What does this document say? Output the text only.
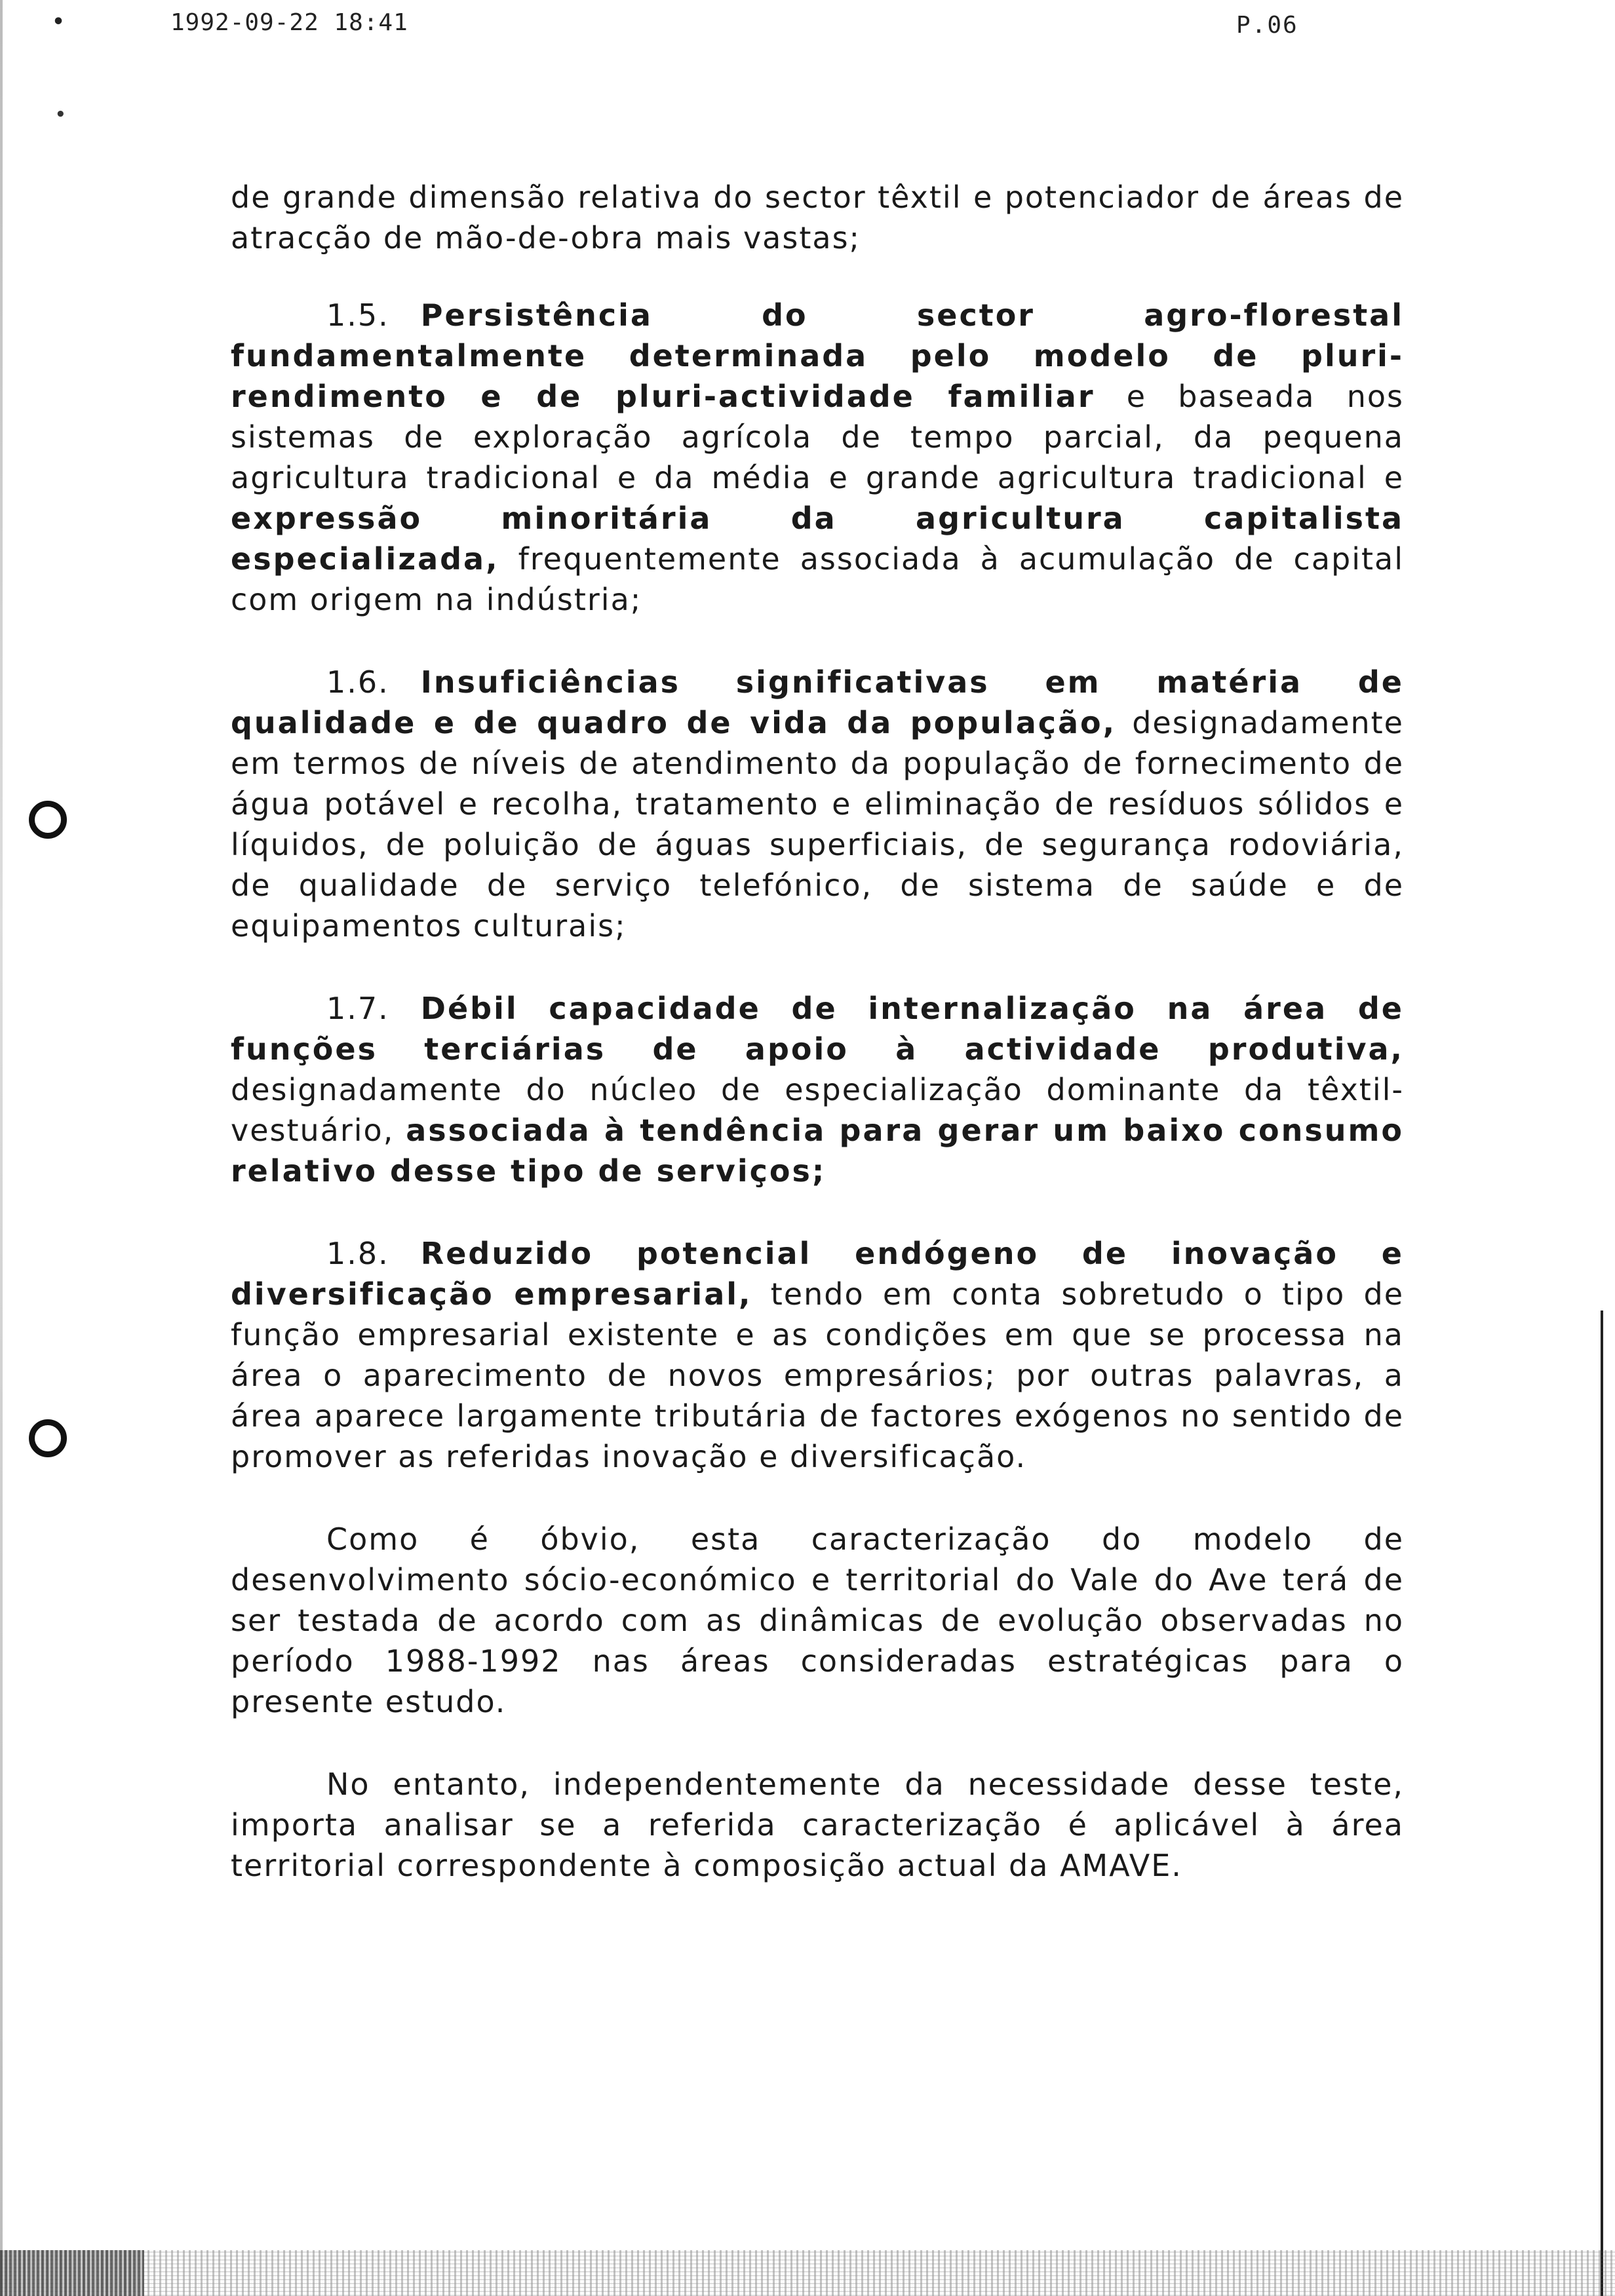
•	1992-09-22 18:41	P.06
•

de grande dimensão relativa do sector têxtil e potenciador de áreas de atracção de mão-de-obra mais vastas;

1.5. Persistência do sector agro-florestal fundamentalmente determinada pelo modelo de pluri-rendimento e de pluri-actividade familiar e baseada nos sistemas de exploração agrícola de tempo parcial, da pequena agricultura tradicional e da média e grande agricultura tradicional e expressão minoritária da agricultura capitalista especializada, frequentemente associada à acumulação de capital com origem na indústria;

1.6. Insuficiências significativas em matéria de qualidade e de quadro de vida da população, designadamente em termos de níveis de atendimento da população de fornecimento de água potável e recolha, tratamento e eliminação de resíduos sólidos e líquidos, de poluição de águas superficiais, de segurança rodoviária, de qualidade de serviço telefónico, de sistema de saúde e de equipamentos culturais;

1.7. Débil capacidade de internalização na área de funções terciárias de apoio à actividade produtiva, designadamente do núcleo de especialização dominante da têxtil-vestuário, associada à tendência para gerar um baixo consumo relativo desse tipo de serviços;

1.8. Reduzido potencial endógeno de inovação e diversificação empresarial, tendo em conta sobretudo o tipo de função empresarial existente e as condições em que se processa na área o aparecimento de novos empresários; por outras palavras, a área aparece largamente tributária de factores exógenos no sentido de promover as referidas inovação e diversificação.

Como é óbvio, esta caracterização do modelo de desenvolvimento sócio-económico e territorial do Vale do Ave terá de ser testada de acordo com as dinâmicas de evolução observadas no período 1988-1992 nas áreas consideradas estratégicas para o presente estudo.

No entanto, independentemente da necessidade desse teste, importa analisar se a referida caracterização é aplicável à área territorial correspondente à composição actual da AMAVE.
